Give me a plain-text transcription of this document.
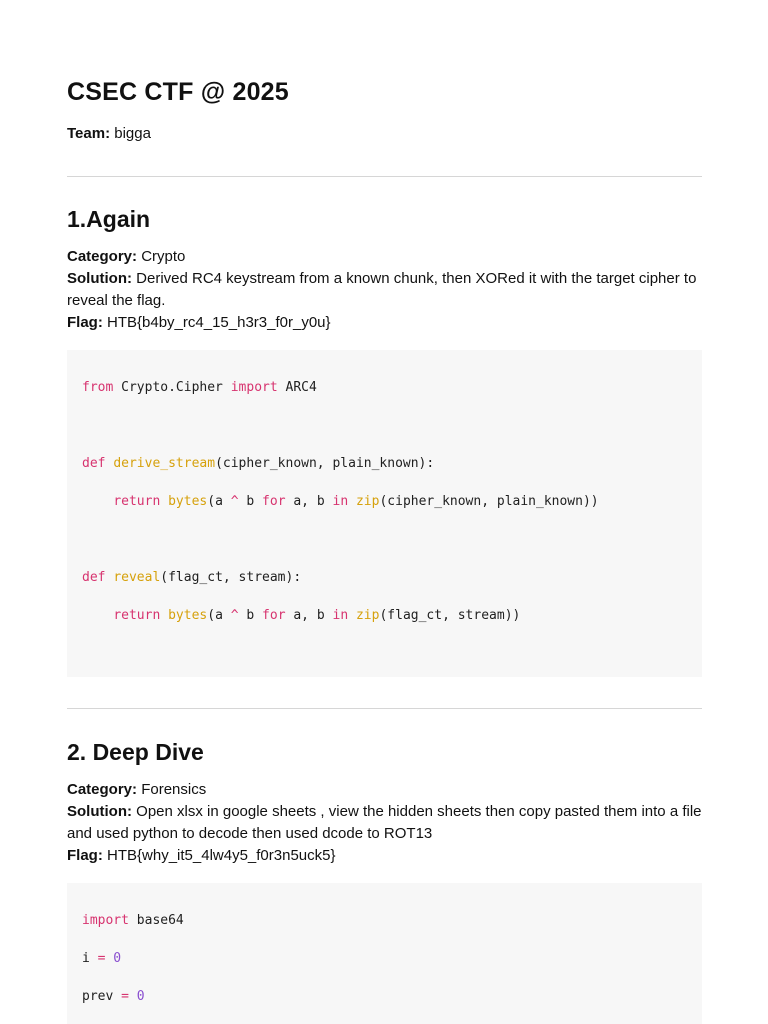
CSEC CTF @ 2025
Team: bigga
1.Again
Category: Crypto
Solution: Derived RC4 keystream from a known chunk, then XORed it with the target cipher to reveal the flag.
Flag: HTB{b4by_rc4_15_h3r3_f0r_y0u}

from Crypto.Cipher import ARC4

def derive_stream(cipher_known, plain_known):

return bytes(a ^ b for a, b in zip(cipher_known, plain_known))

def reveal(flag_ct, stream):

return bytes(a ^ b for a, b in zip(flag_ct, stream))

2. Deep Dive
Category: Forensics
Solution: Open xlsx in google sheets , view the hidden sheets then copy pasted them into a file and used python to decode then used dcode to ROT13
Flag: HTB{why_it5_4lw4y5_f0r3n5uck5}

import base64

i = 0

prev = 0
